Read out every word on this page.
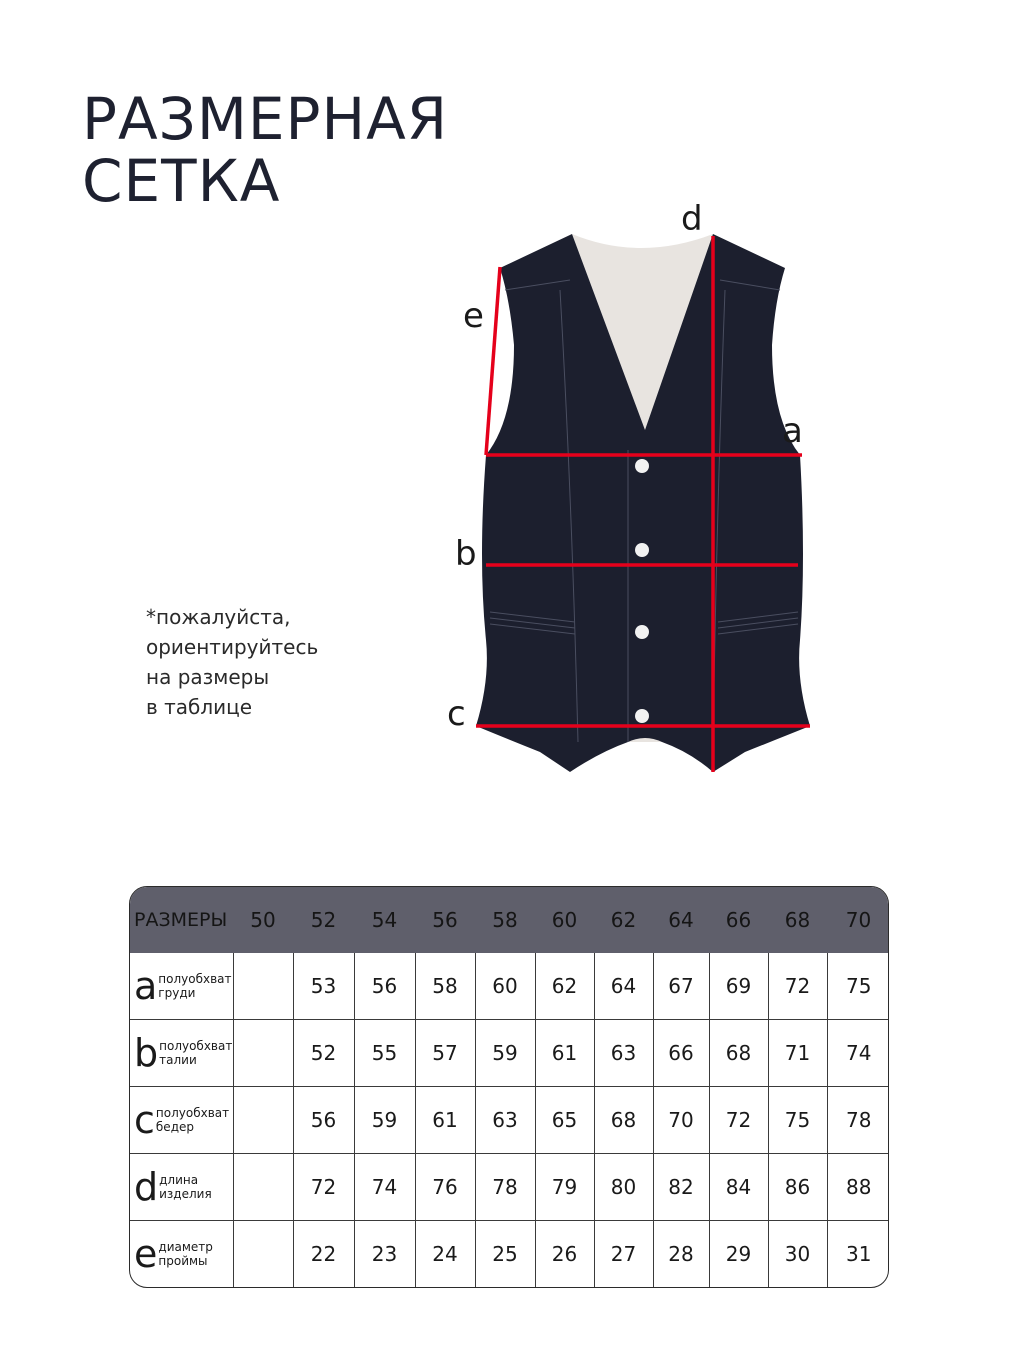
РАЗМЕРНАЯ
СЕТКА
*пожалуйста,
ориентируйтесь
на размеры
в таблице
a
b
c
d
e
РАЗМЕРЫ	50	52	54	56	58	60	62	64	66	68	70

a полуобхват
груди		53	56	58	60	62	64	67	69	72	75

b полуобхват
талии		52	55	57	59	61	63	66	68	71	74

c полуобхват
бедер		56	59	61	63	65	68	70	72	75	78

d длина
изделия		72	74	76	78	79	80	82	84	86	88

e диаметр
проймы		22	23	24	25	26	27	28	29	30	31
